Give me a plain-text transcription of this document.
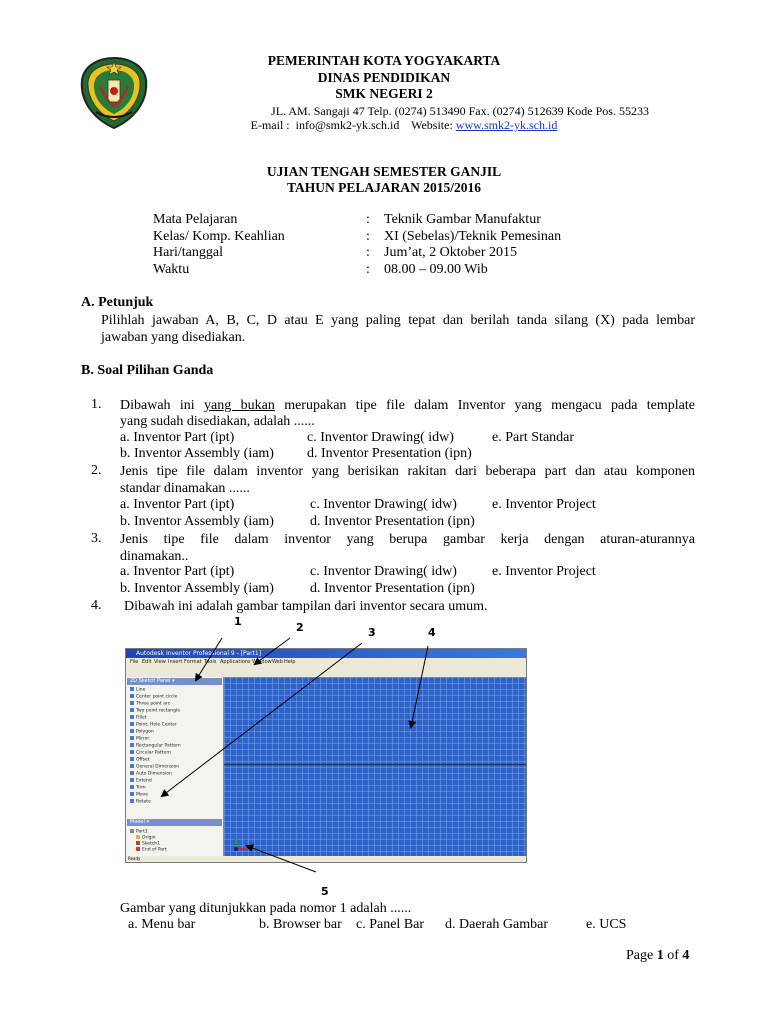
PEMERINTAH KOTA YOGYAKARTA
DINAS PENDIDIKAN
SMK NEGERI 2
JL. AM. Sangaji 47 Telp. (0274) 513490 Fax. (0274) 512639 Kode Pos. 55233
E-mail :  info@smk2-yk.sch.id    Website: www.smk2-yk.sch.id
UJIAN TENGAH SEMESTER GANJIL
TAHUN PELAJARAN 2015/2016
Mata Pelajaran	: Teknik Gambar Manufaktur
Kelas/ Komp. Keahlian	: XI (Sebelas)/Teknik Pemesinan
Hari/tanggal	: Jum’at, 2 Oktober 2015
Waktu	: 08.00 – 09.00 Wib
A. Petunjuk
Pilihlah jawaban A, B, C, D atau E yang paling tepat dan berilah tanda silang (X) pada lembar
jawaban yang disediakan.
B. Soal Pilihan Ganda
1. Dibawah ini yang bukan merupakan tipe file dalam Inventor yang mengacu pada template
yang sudah disediakan, adalah ......
a. Inventor Part (ipt)	c. Inventor Drawing( idw)	e. Part Standar
b. Inventor Assembly (iam) d. Inventor Presentation (ipn)
2. Jenis tipe file dalam inventor yang berisikan rakitan dari beberapa part dan atau komponen
standar dinamakan ......
a. Inventor Part (ipt)	c. Inventor Drawing( idw)	e. Inventor Project
b. Inventor Assembly (iam)	d. Inventor Presentation (ipn)
3. Jenis tipe file dalam inventor yang berupa gambar kerja dengan aturan-aturannya
dinamakan..
a. Inventor Part (ipt)	c. Inventor Drawing( idw)	e. Inventor Project
b. Inventor Assembly (iam)	d. Inventor Presentation (ipn)
4. Dibawah ini adalah gambar tampilan dari inventor secara umum.
Autodesk Inventor Professional 9 - [Part1]
File Edit View Insert Format Tools Applications Window Web Help
2D Sketch Panel ▾
Line
Center point circle
Three point arc
Two point rectangle
Fillet
Point, Hole Center
Polygon
Mirror
Rectangular Pattern
Circular Pattern
Offset
General Dimension
Auto Dimension
Extend
Trim
Move
Rotate
Model ▾
Part1
Origin
Sketch1
End of Part
Ready
1	2	3	4
5
Gambar yang ditunjukkan pada nomor 1 adalah ......
a. Menu bar	b. Browser bar c. Panel Bar d. Daerah Gambar	e. UCS
Page 1 of 4
